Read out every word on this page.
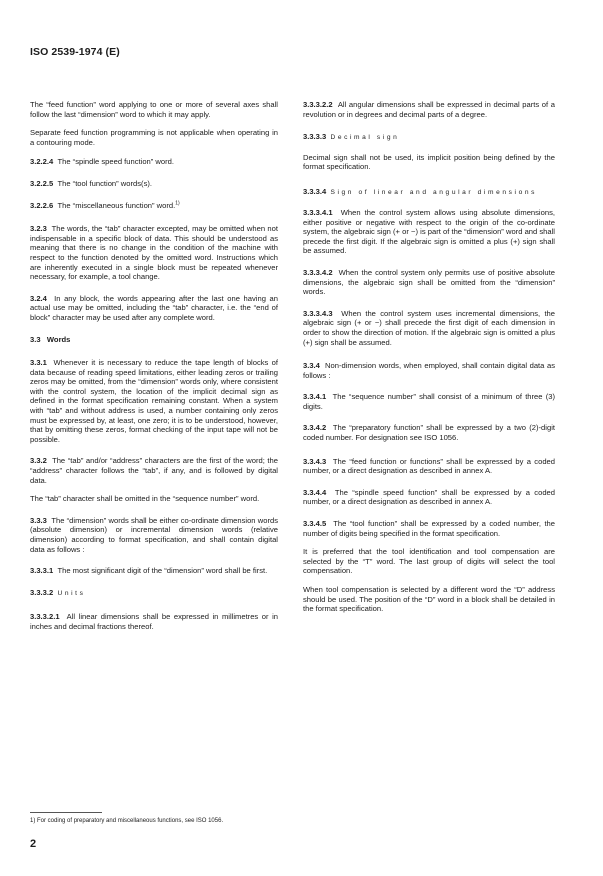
ISO 2539-1974 (E)

The “feed function” word applying to one or more of several axes shall follow the last “dimension” word to which it may apply.

Separate feed function programming is not applicable when operating in a contouring mode.

3.2.2.4 The “spindle speed function” word.

3.2.2.5 The “tool function” words(s).

3.2.2.6 The “miscellaneous function” word.$^{1)}$

3.2.3 The words, the “tab” character excepted, may be omitted when not indispensable in a specific block of data. This should be understood as meaning that there is no change in the condition of the machine with respect to the function denoted by the omitted word. Instructions which are inherently executed in a single block must be repeated whenever necessary, for example, a tool change.

3.2.4 In any block, the words appearing after the last one having an actual use may be omitted, including the “tab” character, i.e. the “end of block” character may be used after any complete word.

3.3 Words

3.3.1 Whenever it is necessary to reduce the tape length of blocks of data because of reading speed limitations, either leading zeros or trailing zeros may be omitted, from the “dimension” words only, where consistent with the control system, the location of the implicit decimal sign as defined in the format specification remaining constant. When a system with “tab” and without address is used, a number containing only zeros must be expressed by, at least, one zero; it is to be understood, however, that by omitting these zeros, format checking of the input tape will not be possible.

3.3.2 The “tab” and/or “address” characters are the first of the word; the “address” character follows the “tab”, if any, and is followed by digital data.

The “tab” character shall be omitted in the “sequence number” word.

3.3.3 The “dimension” words shall be either co-ordinate dimension words (absolute dimension) or incremental dimension words (relative dimension) according to format specification, and shall contain digital data as follows :

3.3.3.1 The most significant digit of the “dimension” word shall be first.

3.3.3.2 Units

3.3.3.2.1 All linear dimensions shall be expressed in millimetres or in inches and decimal fractions thereof.

3.3.3.2.2 All angular dimensions shall be expressed in decimal parts of a revolution or in degrees and decimal parts of a degree.

3.3.3.3 Decimal sign

Decimal sign shall not be used, its implicit position being defined by the format specification.

3.3.3.4 Sign of linear and angular dimensions

3.3.3.4.1 When the control system allows using absolute dimensions, either positive or negative with respect to the origin of the co-ordinate system, the algebraic sign (+ or −) is part of the “dimension” word and shall precede the first digit. If the algebraic sign is omitted a plus (+) sign shall be assumed.

3.3.3.4.2 When the control system only permits use of positive absolute dimensions, the algebraic sign shall be omitted from the “dimension” words.

3.3.3.4.3 When the control system uses incremental dimensions, the algebraic sign (+ or −) shall precede the first digit of each dimension in order to show the direction of motion. If the algebraic sign is omitted a plus (+) sign shall be assumed.

3.3.4 Non-dimension words, when employed, shall contain digital data as follows :

3.3.4.1 The “sequence number” shall consist of a minimum of three (3) digits.

3.3.4.2 The “preparatory function” shall be expressed by a two (2)-digit coded number. For designation see ISO 1056.

3.3.4.3 The “feed function or functions” shall be expressed by a coded number, or a direct designation as described in annex A.

3.3.4.4 The “spindle speed function” shall be expressed by a coded number, or a direct designation as described in annex A.

3.3.4.5 The “tool function” shall be expressed by a coded number, the number of digits being specified in the format specification.

It is preferred that the tool identification and tool compensation are selected by the “T” word. The last group of digits will select the tool compensation.

When tool compensation is selected by a different word the “D” address should be used. The position of the “D” word in a block shall be detailed in the format specification.

1) For coding of preparatory and miscellaneous functions, see ISO 1056.
2
